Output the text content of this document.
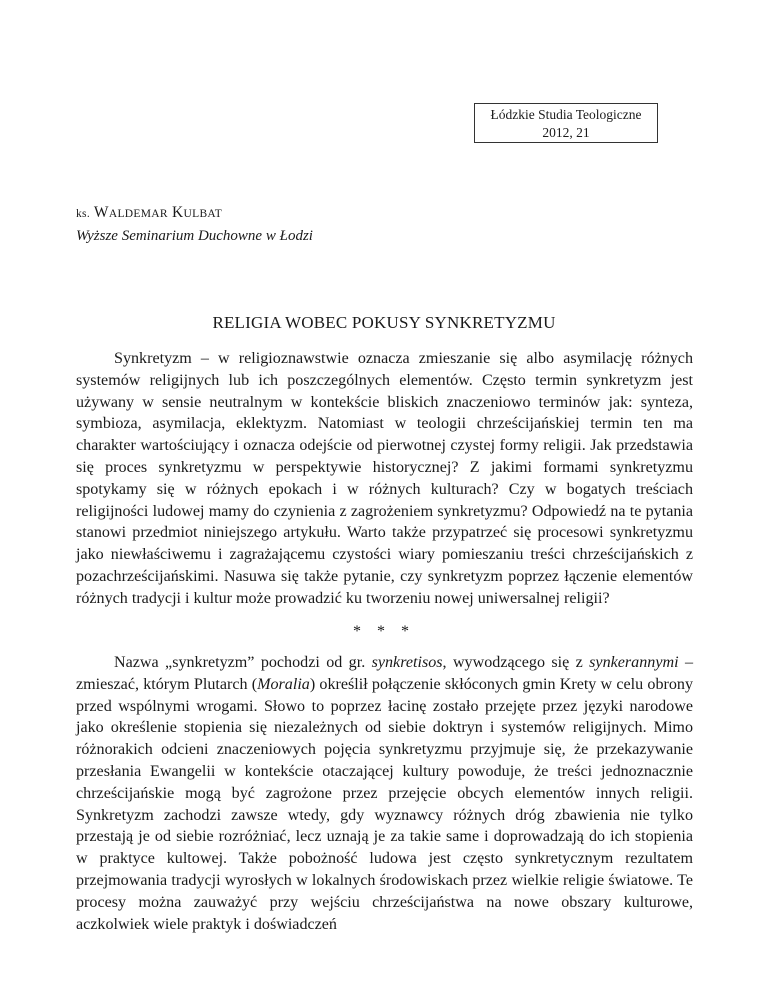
Łódzkie Studia Teologiczne
2012, 21
ks. WALDEMAR KULBAT
Wyższe Seminarium Duchowne w Łodzi
RELIGIA WOBEC POKUSY SYNKRETYZMU

Synkretyzm – w religioznawstwie oznacza zmieszanie się albo asymilację różnych systemów religijnych lub ich poszczególnych elementów. Często termin synkretyzm jest używany w sensie neutralnym w kontekście bliskich znaczeniowo terminów jak: synteza, symbioza, asymilacja, eklektyzm. Natomiast w teologii chrześcijańskiej termin ten ma charakter wartościujący i oznacza odejście od pierwotnej czystej formy religii. Jak przedstawia się proces synkretyzmu w perspektywie historycznej? Z jakimi formami synkretyzmu spotykamy się w różnych epokach i w różnych kulturach? Czy w bogatych treściach religijności ludowej mamy do czynienia z zagrożeniem synkretyzmu? Odpowiedź na te pytania stanowi przedmiot niniejszego artykułu. Warto także przypatrzeć się procesowi synkretyzmu jako niewłaściwemu i zagrażającemu czystości wiary pomieszaniu treści chrześcijańskich z pozachrześcijańskimi. Nasuwa się także pytanie, czy synkretyzm poprzez łączenie elementów różnych tradycji i kultur może prowadzić ku tworzeniu nowej uniwersalnej religii?

* * *

Nazwa „synkretyzm” pochodzi od gr. synkretisos, wywodzącego się z synkerannymi – zmieszać, którym Plutarch (Moralia) określił połączenie skłóconych gmin Krety w celu obrony przed wspólnymi wrogami. Słowo to poprzez łacinę zostało przejęte przez języki narodowe jako określenie stopienia się niezależnych od siebie doktryn i systemów religijnych. Mimo różnorakich odcieni znaczeniowych pojęcia synkretyzmu przyjmuje się, że przekazywanie przesłania Ewangelii w kontekście otaczającej kultury powoduje, że treści jednoznacznie chrześcijańskie mogą być zagrożone przez przejęcie obcych elementów innych religii. Synkretyzm zachodzi zawsze wtedy, gdy wyznawcy różnych dróg zbawienia nie tylko przestają je od siebie rozróżniać, lecz uznają je za takie same i doprowadzają do ich stopienia w praktyce kultowej. Także pobożność ludowa jest często synkretycznym rezultatem przejmowania tradycji wyrosłych w lokalnych środowiskach przez wielkie religie światowe. Te procesy można zauważyć przy wejściu chrześcijaństwa na nowe obszary kulturowe, aczkolwiek wiele praktyk i doświadczeń
